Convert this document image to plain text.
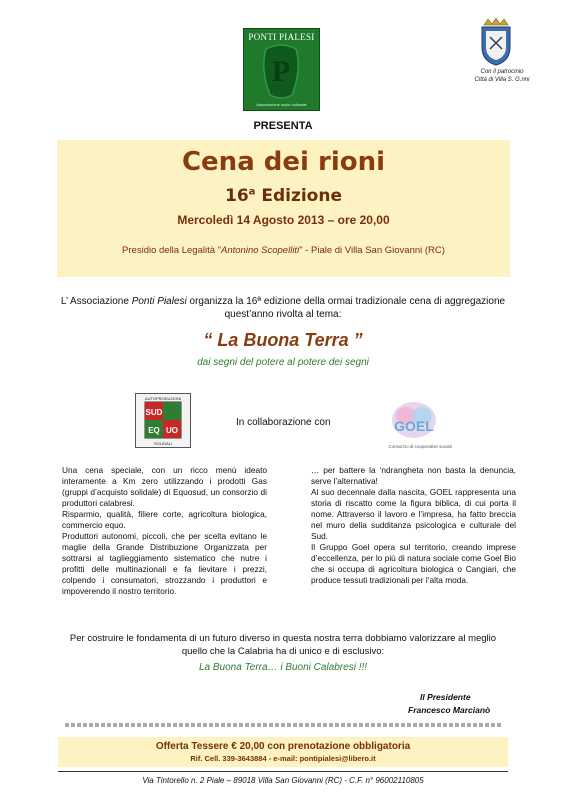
PONTI PIALESI
P
Associazione socio-culturale
Con il patrocinio
Città di Villa S. G.nni
PRESENTA
Cena dei rioni
16$^a$ Edizione
Mercoledì 14 Agosto 2013 – ore 20,00
Presidio della Legalità "Antonino Scopelliti" - Piale di Villa San Giovanni (RC)
L’ Associazione Ponti Pialesi organizza la 16ª edizione della ormai tradizionale cena di aggregazione quest’anno rivolta al tema:
“ La Buona Terra ”
dai segni del potere al potere dei segni
SUD
EQ UO
AUTOPRODUZIONI
SOLIDALI
In collaborazione con	GOEL
Consorzio di cooperative sociali

Una cena speciale, con un ricco menù ideato interamente a Km zero utilizzando i prodotti Gas (gruppi d’acquisto solidale) di Equosud, un consorzio di produttori calabresi.

Risparmio, qualità, filiere corte, agricoltura biologica, commercio equo.

Produttori autonomi, piccoli, che per scelta evitano le maglie della Grande Distribuzione Organizzata per sottrarsi al taglieggiamento sistematico che nutre i profitti delle multinazionali e fa lievitare i prezzi, colpendo i consumatori, strozzando i produttori e impoverendo il nostro territorio.

… per battere la ‘ndrangheta non basta la denuncia, serve l’alternativa!

Al suo decennale dalla nascita, GOEL rappresenta una storia di riscatto come la figura biblica, di cui porta il nome. Attraverso il lavoro e l’impresa, ha fatto breccia nel muro della sudditanza psicologica e culturale del Sud.

Il Gruppo Goel opera sul territorio, creando imprese d’eccellenza, per lo più di natura sociale come Goel Bio che si occupa di agricoltura biologica o Cangiari, che produce tessuti tradizionali per l’alta moda.

Per costruire le fondamenta di un futuro diverso in questa nostra terra dobbiamo valorizzare al meglio quello che la Calabria ha di unico e di esclusivo:
La Buona Terra… i Buoni Calabresi !!!
Il Presidente
Francesco Marcianò
Offerta Tessere € 20,00 con prenotazione obbligatoria
Rif. Cell. 339-3643884 - e-mail: pontipialesi@libero.it
Via Tintorello n. 2 Piale – 89018 Villa San Giovanni (RC) - C.F. n° 96002110805
